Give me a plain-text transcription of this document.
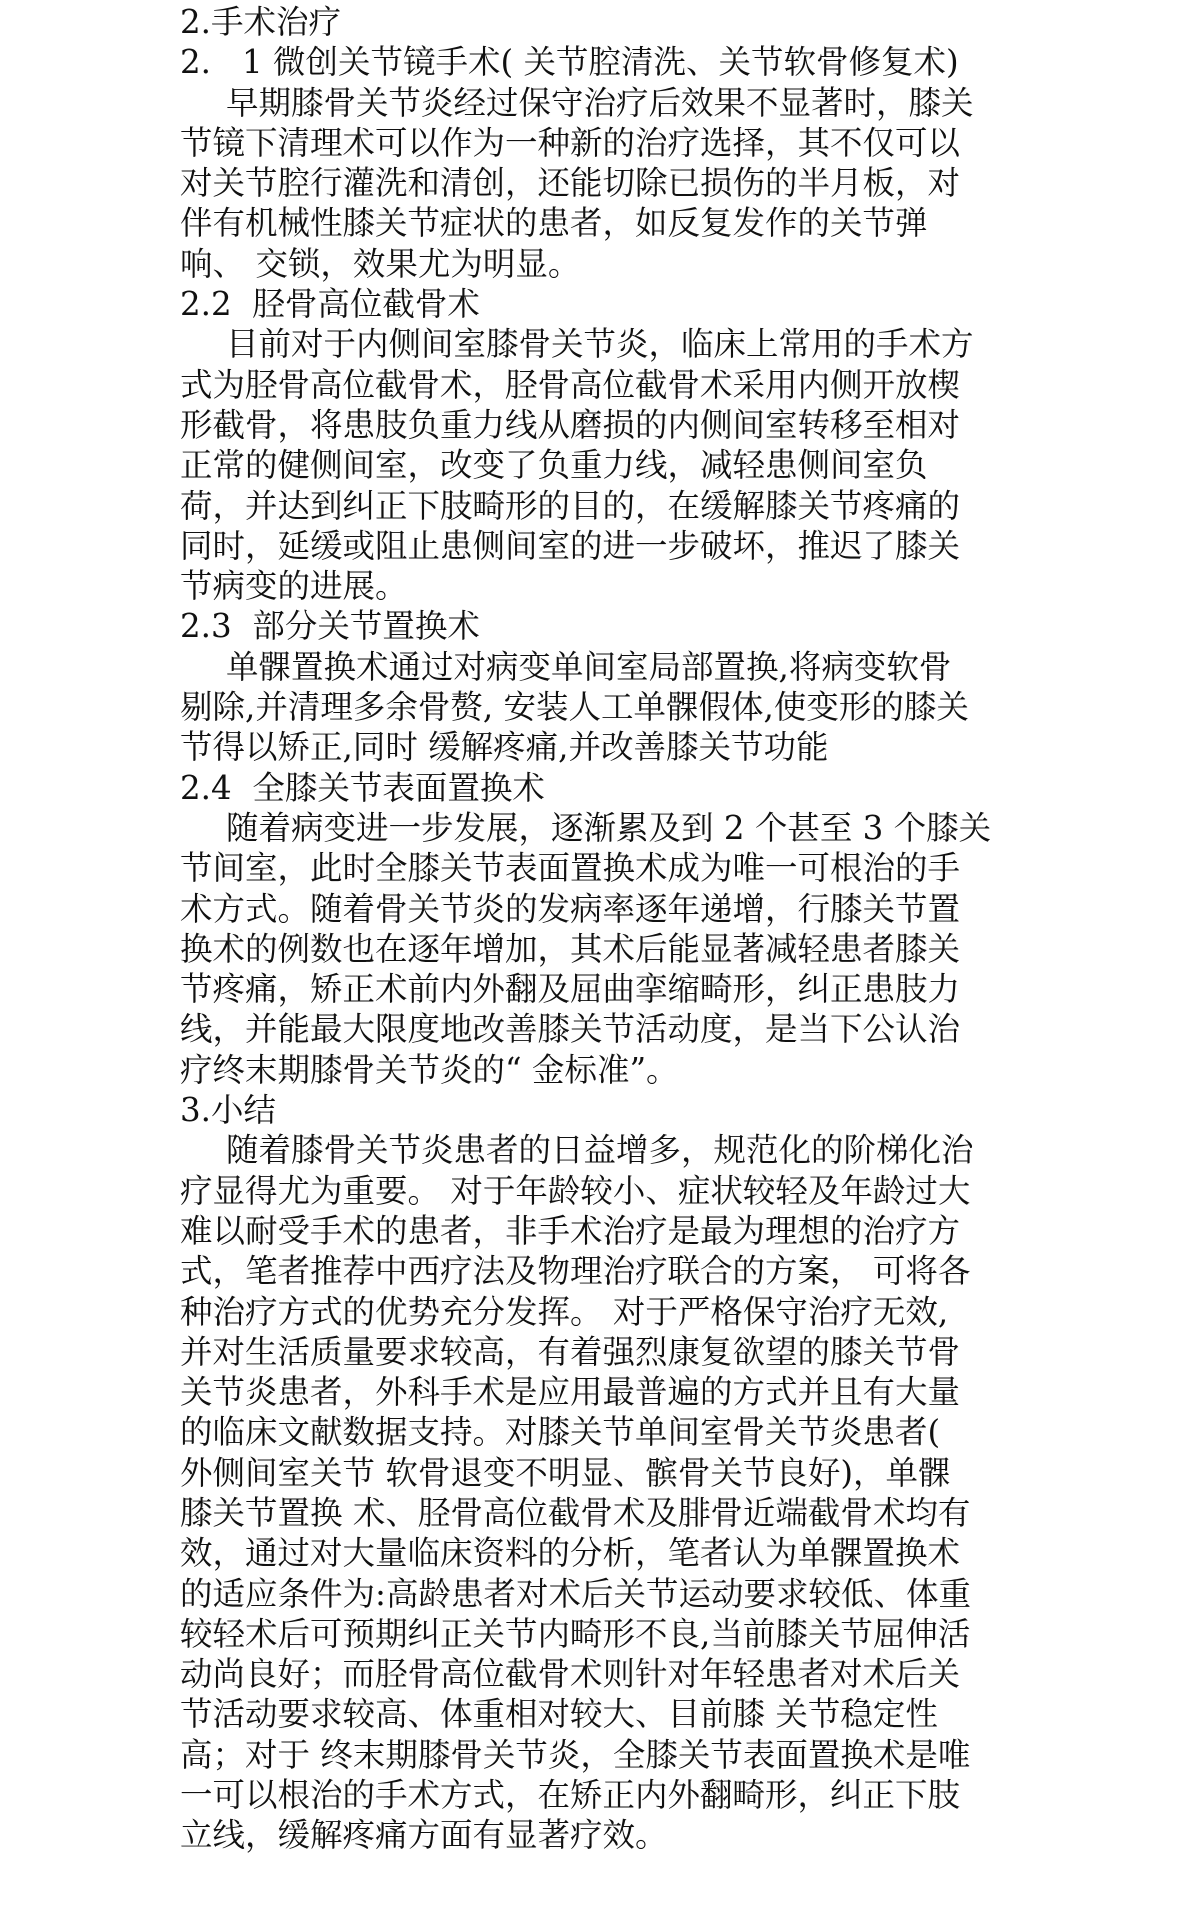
2.手术治疗
2.   1 微创关节镜手术( 关节腔清洗、关节软骨修复术)
早期膝骨关节炎经过保守治疗后效果不显著时，膝关
节镜下清理术可以作为一种新的治疗选择，其不仅可以
对关节腔行灌洗和清创，还能切除已损伤的半月板，对
伴有机械性膝关节症状的患者，如反复发作的关节弹
响、 交锁，效果尤为明显。
2.2  胫骨高位截骨术
目前对于内侧间室膝骨关节炎，临床上常用的手术方
式为胫骨高位截骨术，胫骨高位截骨术采用内侧开放楔
形截骨，将患肢负重力线从磨损的内侧间室转移至相对
正常的健侧间室，改变了负重力线，减轻患侧间室负
荷，并达到纠正下肢畸形的目的，在缓解膝关节疼痛的
同时，延缓或阻止患侧间室的进一步破坏，推迟了膝关
节病变的进展。
2.3  部分关节置换术
单髁置换术通过对病变单间室局部置换,将病变软骨
剔除,并清理多余骨赘, 安装人工单髁假体,使变形的膝关
节得以矫正,同时 缓解疼痛,并改善膝关节功能
2.4  全膝关节表面置换术
随着病变进一步发展，逐渐累及到 2 个甚至 3 个膝关
节间室，此时全膝关节表面置换术成为唯一可根治的手
术方式。随着骨关节炎的发病率逐年递增，行膝关节置
换术的例数也在逐年增加，其术后能显著减轻患者膝关
节疼痛，矫正术前内外翻及屈曲挛缩畸形，纠正患肢力
线，并能最大限度地改善膝关节活动度，是当下公认治
疗终末期膝骨关节炎的“ 金标准”。
3.小结
随着膝骨关节炎患者的日益增多，规范化的阶梯化治
疗显得尤为重要。 对于年龄较小、症状较轻及年龄过大
难以耐受手术的患者，非手术治疗是最为理想的治疗方
式，笔者推荐中西疗法及物理治疗联合的方案， 可将各
种治疗方式的优势充分发挥。 对于严格保守治疗无效,
并对生活质量要求较高，有着强烈康复欲望的膝关节骨
关节炎患者，外科手术是应用最普遍的方式并且有大量
的临床文献数据支持。对膝关节单间室骨关节炎患者(
外侧间室关节 软骨退变不明显、髌骨关节良好)，单髁
膝关节置换 术、胫骨高位截骨术及腓骨近端截骨术均有
效，通过对大量临床资料的分析，笔者认为单髁置换术
的适应条件为:高龄患者对术后关节运动要求较低、体重
较轻术后可预期纠正关节内畸形不良,当前膝关节屈伸活
动尚良好；而胫骨高位截骨术则针对年轻患者对术后关
节活动要求较高、体重相对较大、目前膝 关节稳定性
高；对于 终末期膝骨关节炎，全膝关节表面置换术是唯
一可以根治的手术方式，在矫正内外翻畸形，纠正下肢
立线，缓解疼痛方面有显著疗效。
